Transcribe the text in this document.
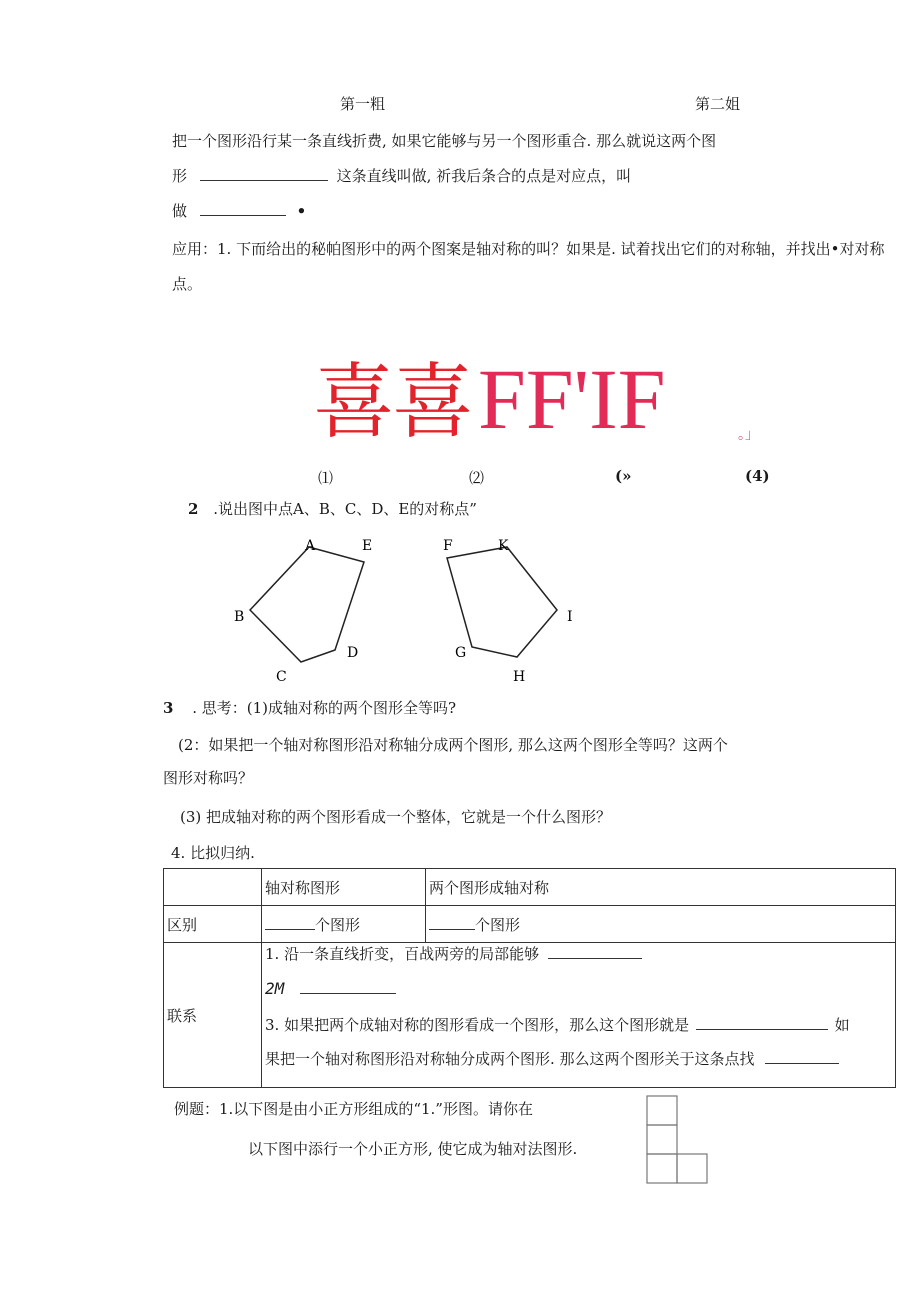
第一粗	第二姐
把一个图形沿行某一条直线折费, 如果它能够与另一个图形重合. 那么就说这两个图
形	这条直线叫做, 祈我后条合的点是对应点，叫
做	•
应用：1. 下而给出的秘帕图形中的两个图案是轴对称的叫？如果是. 试着找出它们的对称轴，并找出•对对称
点。
喜
喜 FF'IF	。」
⑴	⑵	(»	(4)
2 .说出图中点A、B、C、D、E的对称点”
A	E
B
C
D
F	K
I
G
H
3 . 思考：(1)成轴对称的两个图形全等吗?
(2：如果把一个轴对称图形沿对称轴分成两个图形, 那么这两个图形全等吗？这两个
图形对称吗？
(3) 把成轴对称的两个图形看成一个整体，它就是一个什么图形？
4. 比拟归纳.
	轴对称图形	两个图形成轴对称
区别	个图形	个图形
联系	1. 沿一条直线折变，百战两旁的局部能够
2M
3. 如果把两个成轴对称的图形看成一个图形，那么这个图形就是 如
果把一个轴对称图形沿对称轴分成两个图形. 那么这两个图形关于这条点找	
例题：1.以下图是由小正方形组成的“1.”形图。请你在
以下图中添行一个小正方形, 使它成为轴对法图形.
